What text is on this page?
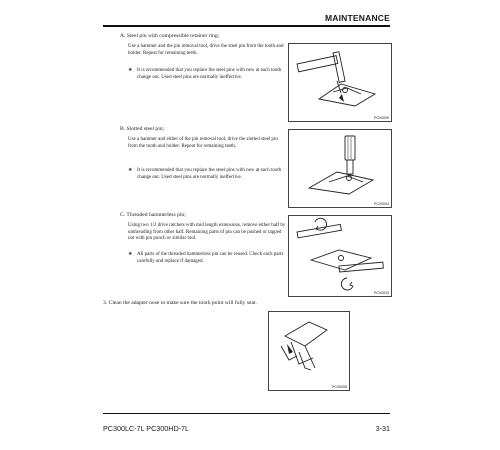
MAINTENANCE
A. Steel pin with compressible retainer ring;
Use a hammer and the pin removal tool, drive the steel pin from the tooth and holder. Repeat for remaining teeth.
★ It is recommended that you replace the steel pins with new at each tooth change out. Used steel pins are normally ineffective.
PC00009
B. Slotted steel pin;
Use a hammer and either of the pin removal tool, drive the slotted steel pin from the tooth and holder. Repeat for remaining teeth.
★ It is recommended that you replace the steel pins with new at each tooth change out. Used steel pins are normally ineffective.
PC00004
C. Threaded hammerless pin;
Using two 1/2 drive ratchets with mid length extensions, remove either half by unthreading from other half. Remaining parts of pin can be pushed or tapped out with pin punch or similar tool.
★ All parts of the threaded hammerless pin can be reused. Check each parts carefully and replace if damaged.
PC00033
3. Clean the adapter nose to make sure the tooth point will fully seat.
PC00006
PC300LC-7L PC300HD-7L	3-31
